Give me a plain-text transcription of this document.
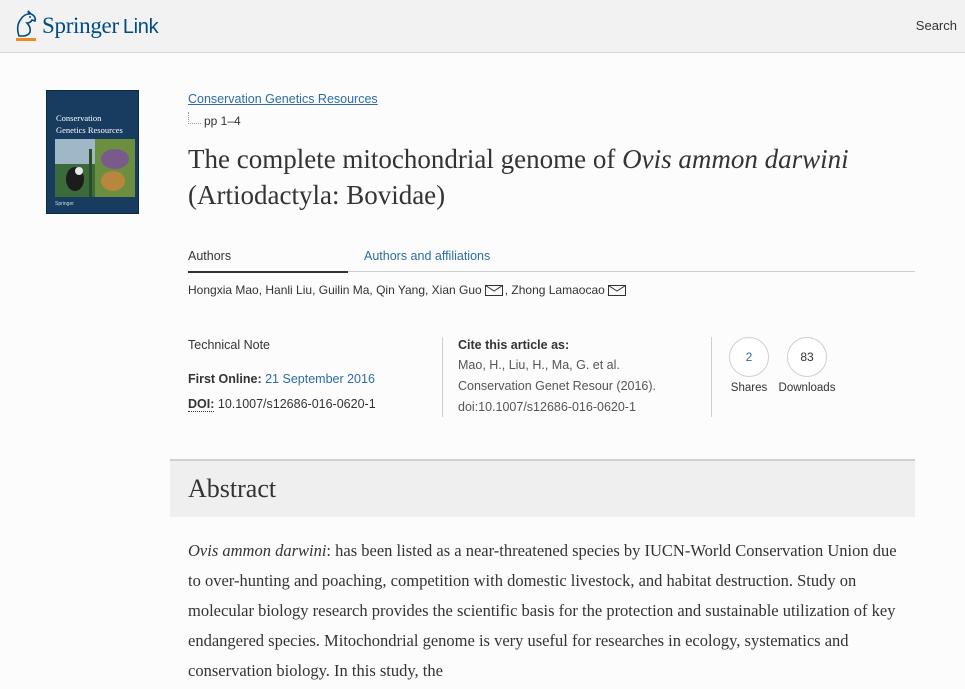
Springer Link	Search
Conservation
Genetics Resources
Springer
Conservation Genetics Resources
pp 1–4
The complete mitochondrial genome of Ovis ammon darwini (Artiodactyla: Bovidae)
Authors	Authors and affiliations
Hongxia Mao, Hanli Liu, Guilin Ma, Qin Yang, Xian Guo , Zhong Lamaocao
Technical Note
First Online: 21 September 2016
DOI: 10.1007/s12686-016-0620-1
Cite this article as:
Mao, H., Liu, H., Ma, G. et al.
Conservation Genet Resour (2016).
doi:10.1007/s12686-016-0620-1
2
Shares
83
Downloads
Abstract

Ovis ammon darwini: has been listed as a near-threatened species by IUCN-World Conservation Union due to over-hunting and poaching, competition with domestic livestock, and habitat destruction. Study on molecular biology research provides the scientific basis for the protection and sustainable utilization of key endangered species. Mitochondrial genome is very useful for researches in ecology, systematics and conservation biology. In this study, the
